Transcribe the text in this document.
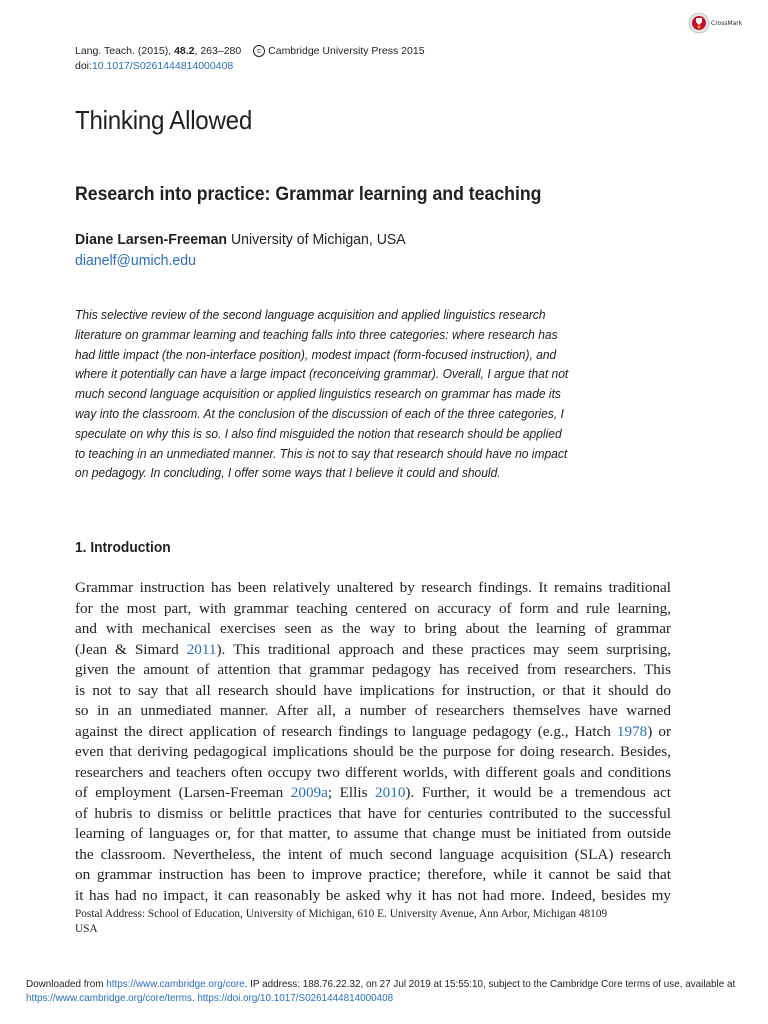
Lang. Teach. (2015), 48.2, 263–280 c Cambridge University Press 2015
doi:10.1017/S0261444814000408
CrossMark
Thinking Allowed
Research into practice: Grammar learning and teaching
Diane Larsen-Freeman University of Michigan, USA
dianelf@umich.edu
This selective review of the second language acquisition and applied linguistics research
literature on grammar learning and teaching falls into three categories: where research has
had little impact (the non-interface position), modest impact (form-focused instruction), and
where it potentially can have a large impact (reconceiving grammar). Overall, I argue that not
much second language acquisition or applied linguistics research on grammar has made its
way into the classroom. At the conclusion of the discussion of each of the three categories, I
speculate on why this is so. I also find misguided the notion that research should be applied
to teaching in an unmediated manner. This is not to say that research should have no impact
on pedagogy. In concluding, I offer some ways that I believe it could and should.
1. Introduction
Grammar instruction has been relatively unaltered by research findings. It remains traditional
for the most part, with grammar teaching centered on accuracy of form and rule learning,
and with mechanical exercises seen as the way to bring about the learning of grammar
(Jean & Simard 2011). This traditional approach and these practices may seem surprising,
given the amount of attention that grammar pedagogy has received from researchers. This
is not to say that all research should have implications for instruction, or that it should do
so in an unmediated manner. After all, a number of researchers themselves have warned
against the direct application of research findings to language pedagogy (e.g., Hatch 1978) or
even that deriving pedagogical implications should be the purpose for doing research. Besides,
researchers and teachers often occupy two different worlds, with different goals and conditions
of employment (Larsen-Freeman 2009a; Ellis 2010). Further, it would be a tremendous act
of hubris to dismiss or belittle practices that have for centuries contributed to the successful
learning of languages or, for that matter, to assume that change must be initiated from outside
the classroom. Nevertheless, the intent of much second language acquisition (SLA) research
on grammar instruction has been to improve practice; therefore, while it cannot be said that
it has had no impact, it can reasonably be asked why it has not had more. Indeed, besides my
Postal Address: School of Education, University of Michigan, 610 E. University Avenue, Ann Arbor, Michigan 48109
USA
Downloaded from https://www.cambridge.org/core. IP address: 188.76.22.32, on 27 Jul 2019 at 15:55:10, subject to the Cambridge Core terms of use, available at
https://www.cambridge.org/core/terms. https://doi.org/10.1017/S0261444814000408
